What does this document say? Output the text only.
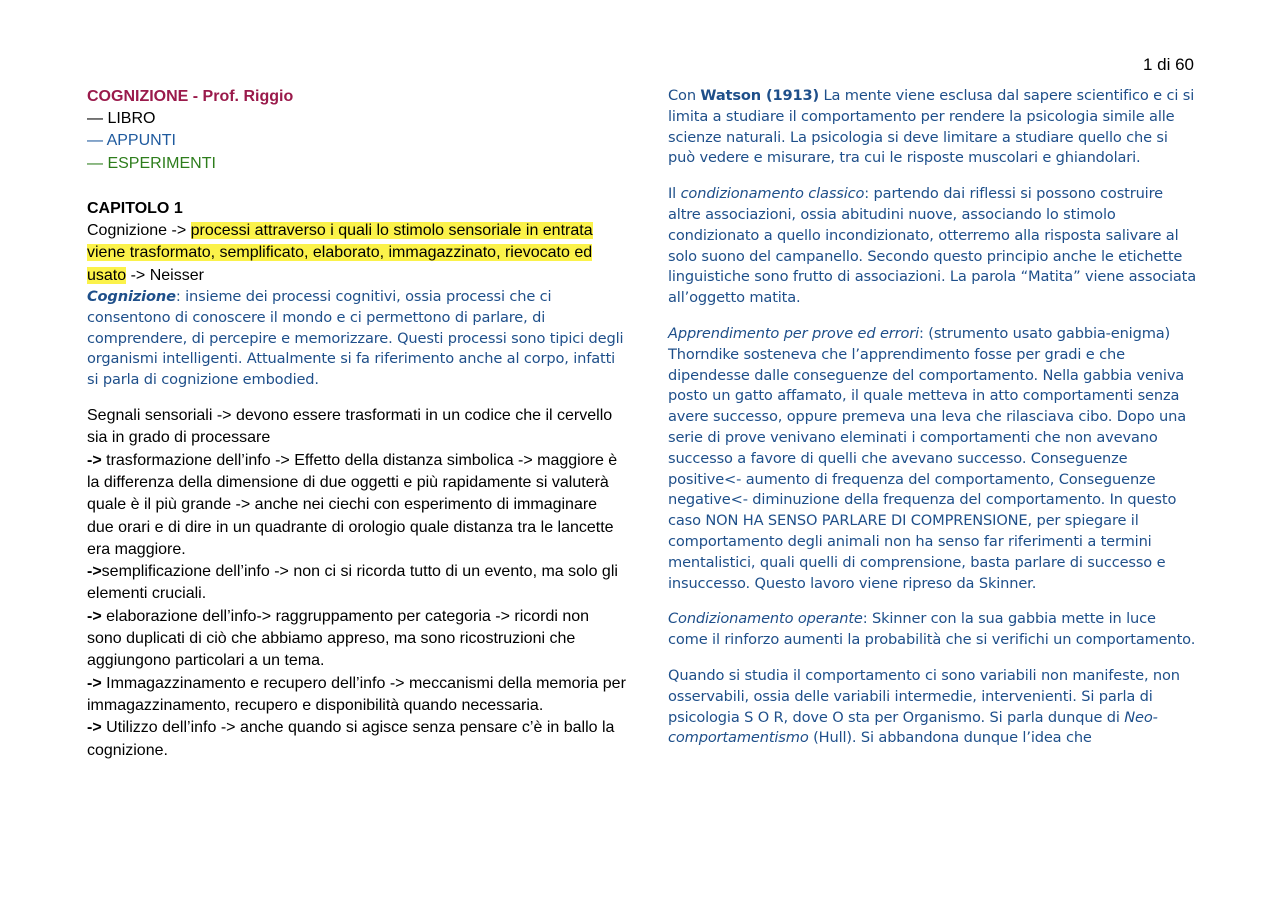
1 di 60
COGNIZIONE - Prof. Riggio
— LIBRO
— APPUNTI
— ESPERIMENTI
CAPITOLO 1
Cognizione -> processi attraverso i quali lo stimolo sensoriale in entrata viene trasformato, semplificato, elaborato, immagazzinato, rievocato ed usato -> Neisser

Cognizione: insieme dei processi cognitivi, ossia processi che ci consentono di conoscere il mondo e ci permettono di parlare, di comprendere, di percepire e memorizzare. Questi processi sono tipici degli organismi intelligenti. Attualmente si fa riferimento anche al corpo, infatti si parla di cognizione embodied.

Segnali sensoriali -> devono essere trasformati in un codice che il cervello sia in grado di processare
-> trasformazione dell’info -> Effetto della distanza simbolica -> maggiore è la differenza della dimensione di due oggetti e più rapidamente si valuterà quale è il più grande -> anche nei ciechi con esperimento di immaginare due orari e di dire in un quadrante di orologio quale distanza tra le lancette era maggiore.
->semplificazione dell’info -> non ci si ricorda tutto di un evento, ma solo gli elementi cruciali.
-> elaborazione dell’info-> raggruppamento per categoria -> ricordi non sono duplicati di ciò che abbiamo appreso, ma sono ricostruzioni che aggiungono particolari a un tema.
-> Immagazzinamento e recupero dell’info -> meccanismi della memoria per immagazzinamento, recupero e disponibilità quando necessaria.
-> Utilizzo dell’info -> anche quando si agisce senza pensare c’è in ballo la cognizione.

Con Watson (1913) La mente viene esclusa dal sapere scientifico e ci si limita a studiare il comportamento per rendere la psicologia simile alle scienze naturali. La psicologia si deve limitare a studiare quello che si può vedere e misurare, tra cui le risposte muscolari e ghiandolari.

Il condizionamento classico: partendo dai riflessi si possono costruire altre associazioni, ossia abitudini nuove, associando lo stimolo condizionato a quello incondizionato, otterremo alla risposta salivare al solo suono del campanello. Secondo questo principio anche le etichette linguistiche sono frutto di associazioni. La parola “Matita” viene associata all’oggetto matita.

Apprendimento per prove ed errori: (strumento usato gabbia-enigma) Thorndike sosteneva che l’apprendimento fosse per gradi e che dipendesse dalle conseguenze del comportamento. Nella gabbia veniva posto un gatto affamato, il quale metteva in atto comportamenti senza avere successo, oppure premeva una leva che rilasciava cibo. Dopo una serie di prove venivano eleminati i comportamenti che non avevano successo a favore di quelli che avevano successo. Conseguenze positive<- aumento di frequenza del comportamento, Conseguenze negative<- diminuzione della frequenza del comportamento. In questo caso NON HA SENSO PARLARE DI COMPRENSIONE, per spiegare il comportamento degli animali non ha senso far riferimenti a termini mentalistici, quali quelli di comprensione, basta parlare di successo e insuccesso. Questo lavoro viene ripreso da Skinner.

Condizionamento operante: Skinner con la sua gabbia mette in luce come il rinforzo aumenti la probabilità che si verifichi un comportamento.

Quando si studia il comportamento ci sono variabili non manifeste, non osservabili, ossia delle variabili intermedie, intervenienti. Si parla di psicologia S O R, dove O sta per Organismo. Si parla dunque di Neo-comportamentismo (Hull). Si abbandona dunque l’idea che
